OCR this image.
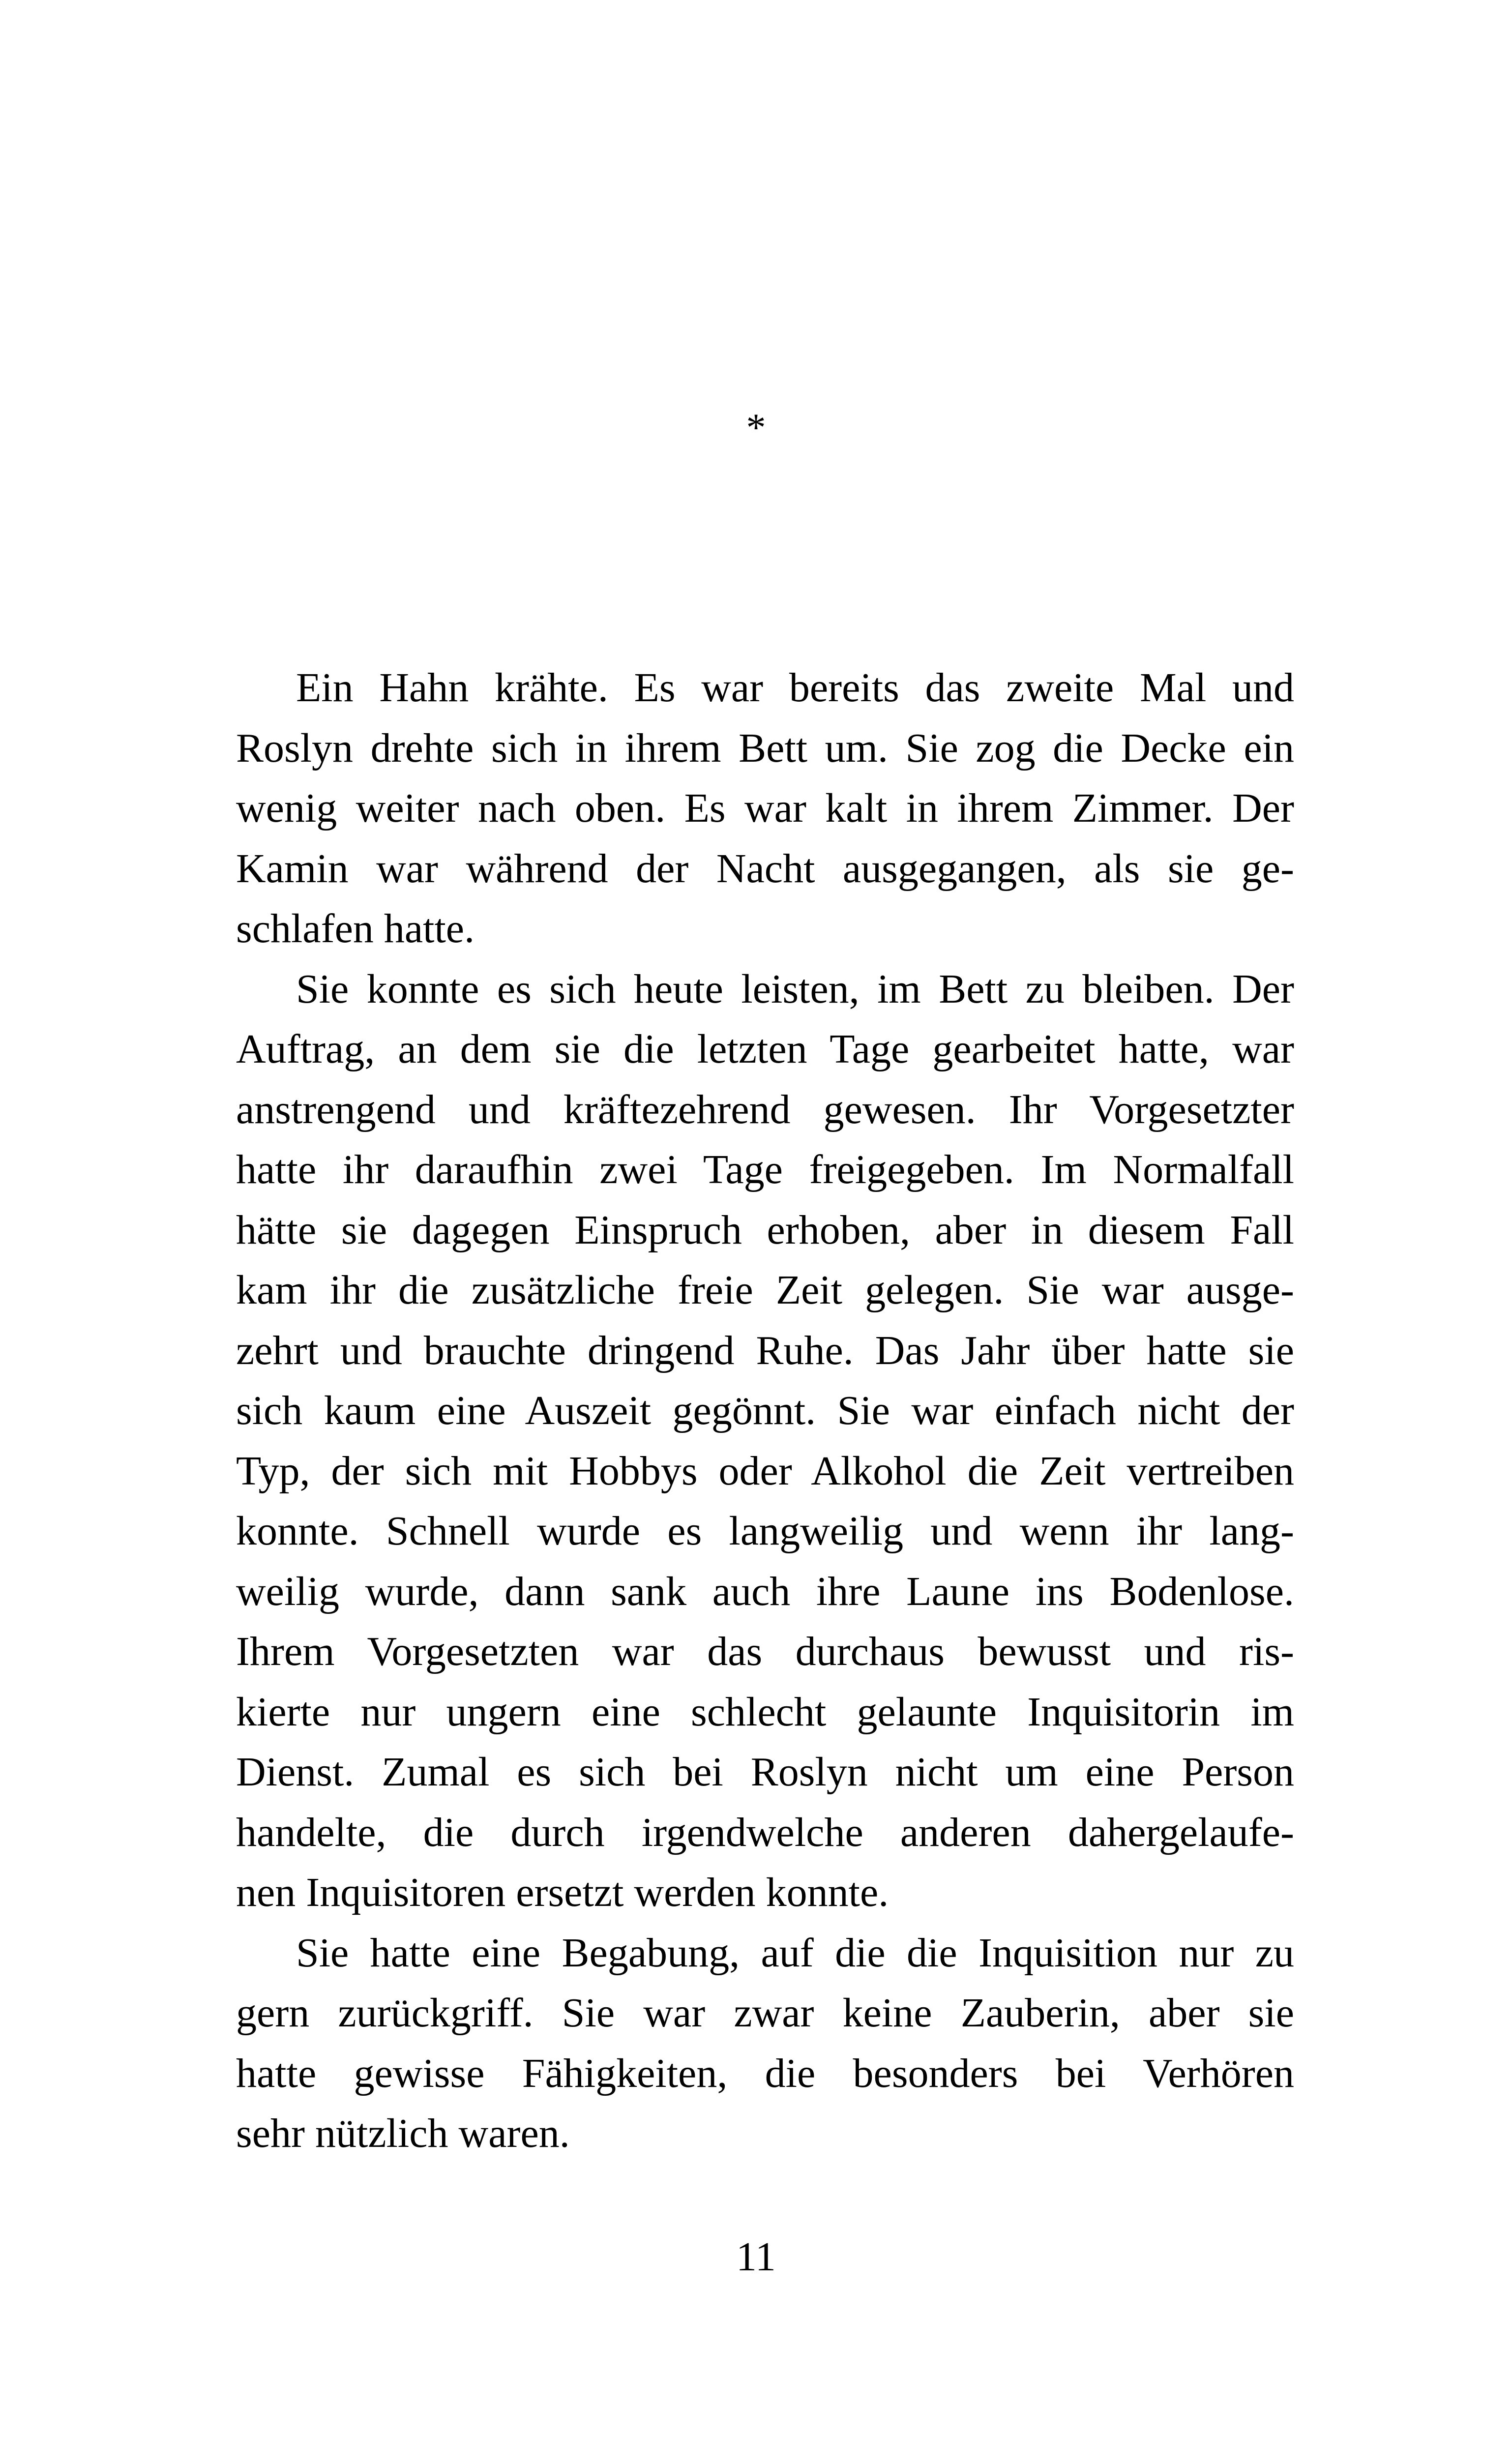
*
Ein Hahn krähte. Es war bereits das zweite Mal und
Roslyn drehte sich in ihrem Bett um. Sie zog die Decke ein
wenig weiter nach oben. Es war kalt in ihrem Zimmer. Der
Kamin war während der Nacht ausgegangen, als sie ge-
schlafen hatte.
Sie konnte es sich heute leisten, im Bett zu bleiben. Der
Auftrag, an dem sie die letzten Tage gearbeitet hatte, war
anstrengend und kräftezehrend gewesen. Ihr Vorgesetzter
hatte ihr daraufhin zwei Tage freigegeben. Im Normalfall
hätte sie dagegen Einspruch erhoben, aber in diesem Fall
kam ihr die zusätzliche freie Zeit gelegen. Sie war ausge-
zehrt und brauchte dringend Ruhe. Das Jahr über hatte sie
sich kaum eine Auszeit gegönnt. Sie war einfach nicht der
Typ, der sich mit Hobbys oder Alkohol die Zeit vertreiben
konnte. Schnell wurde es langweilig und wenn ihr lang-
weilig wurde, dann sank auch ihre Laune ins Bodenlose.
Ihrem Vorgesetzten war das durchaus bewusst und ris-
kierte nur ungern eine schlecht gelaunte Inquisitorin im
Dienst. Zumal es sich bei Roslyn nicht um eine Person
handelte, die durch irgendwelche anderen dahergelaufe-
nen Inquisitoren ersetzt werden konnte.
Sie hatte eine Begabung, auf die die Inquisition nur zu
gern zurückgriff. Sie war zwar keine Zauberin, aber sie
hatte gewisse Fähigkeiten, die besonders bei Verhören
sehr nützlich waren.
11
